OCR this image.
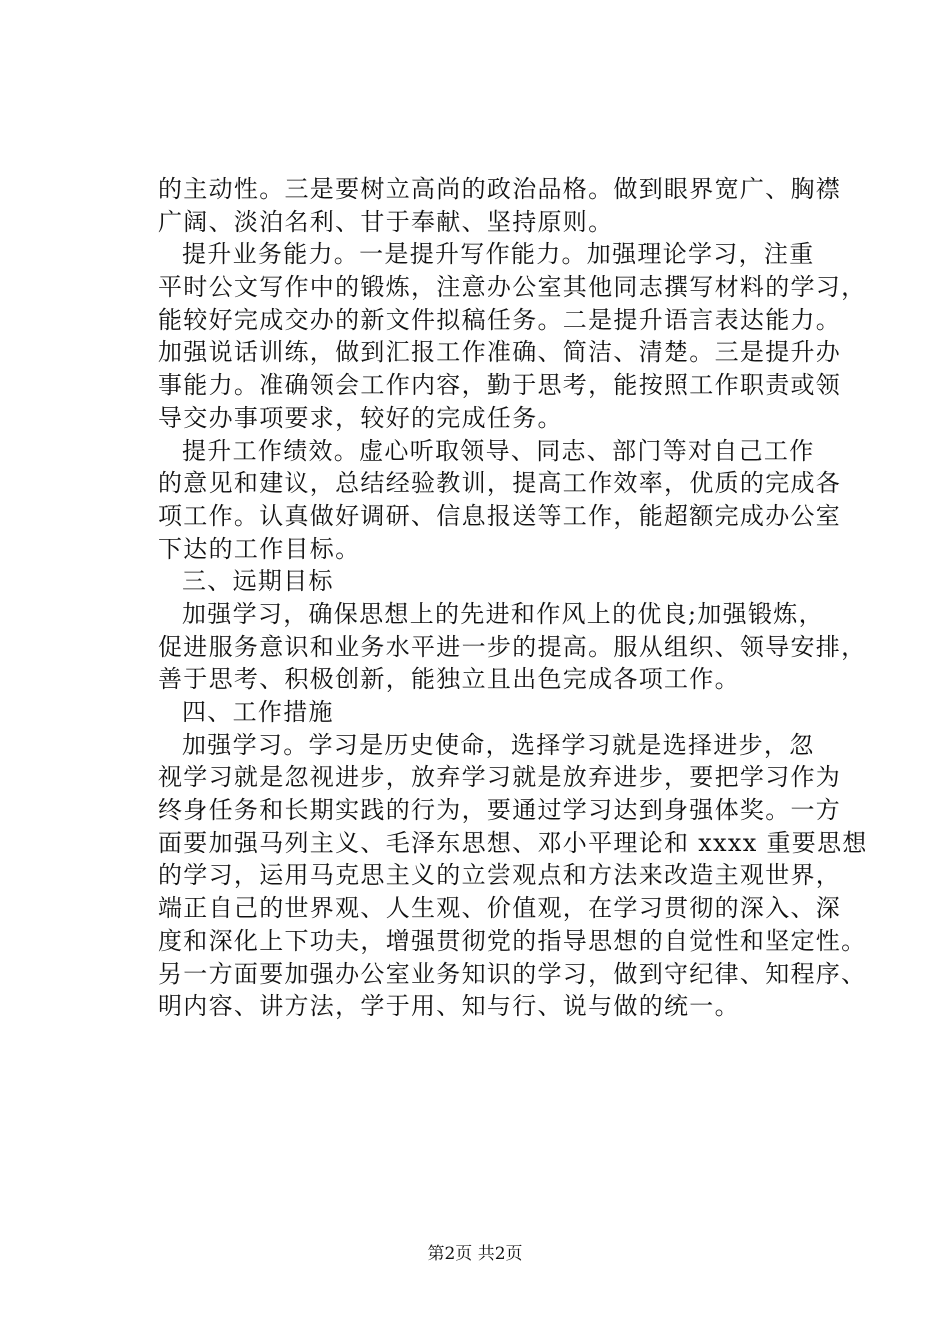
的主动性。三是要树立高尚的政治品格。做到眼界宽广、胸襟
广阔、淡泊名利、甘于奉献、坚持原则。
提升业务能力。一是提升写作能力。加强理论学习，注重
平时公文写作中的锻炼，注意办公室其他同志撰写材料的学习，
能较好完成交办的新文件拟稿任务。二是提升语言表达能力。
加强说话训练，做到汇报工作准确、简洁、清楚。三是提升办
事能力。准确领会工作内容，勤于思考，能按照工作职责或领
导交办事项要求，较好的完成任务。
提升工作绩效。虚心听取领导、同志、部门等对自己工作
的意见和建议，总结经验教训，提高工作效率，优质的完成各
项工作。认真做好调研、信息报送等工作，能超额完成办公室
下达的工作目标。
三、远期目标
加强学习，确保思想上的先进和作风上的优良;加强锻炼，
促进服务意识和业务水平进一步的提高。服从组织、领导安排，
善于思考、积极创新，能独立且出色完成各项工作。
四、工作措施
加强学习。学习是历史使命，选择学习就是选择进步，忽
视学习就是忽视进步，放弃学习就是放弃进步，要把学习作为
终身任务和长期实践的行为，要通过学习达到身强体奖。一方
面要加强马列主义、毛泽东思想、邓小平理论和 xxxx 重要思想
的学习，运用马克思主义的立尝观点和方法来改造主观世界，
端正自己的世界观、人生观、价值观，在学习贯彻的深入、深
度和深化上下功夫，增强贯彻党的指导思想的自觉性和坚定性。
另一方面要加强办公室业务知识的学习，做到守纪律、知程序、
明内容、讲方法，学于用、知与行、说与做的统一。
第2页 共2页
